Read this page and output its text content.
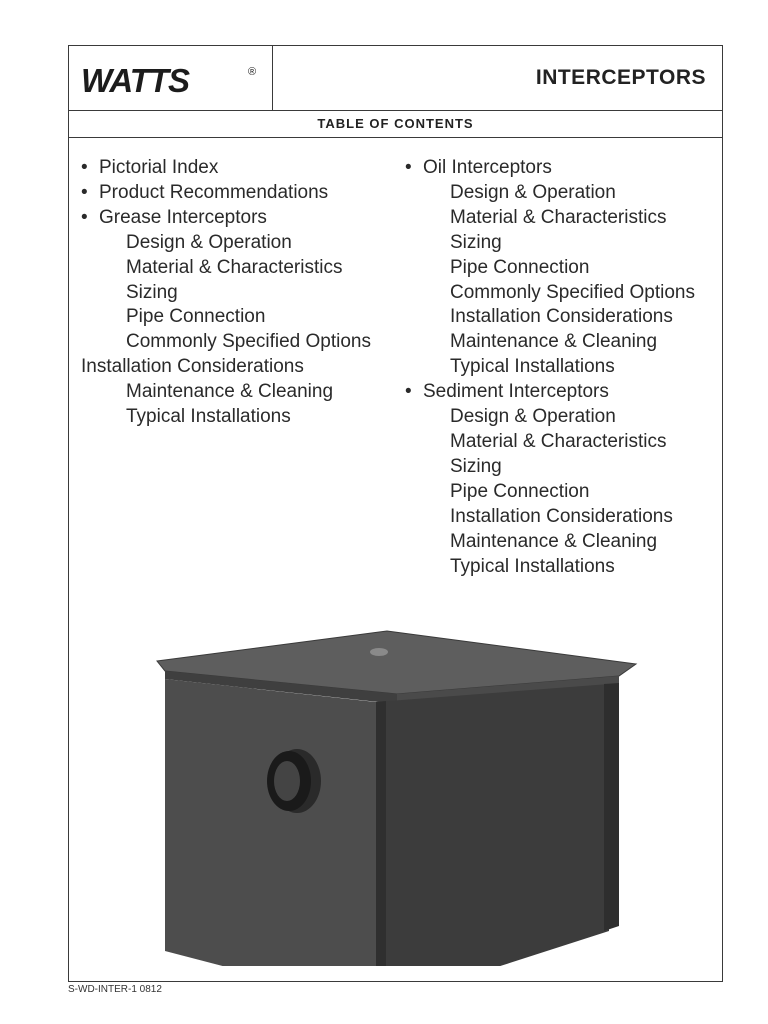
WATTS	®	INTERCEPTORS
TABLE OF CONTENTS
• Pictorial Index
• Product Recommendations
• Grease Interceptors
Design & Operation
Material & Characteristics
Sizing
Pipe Connection
Commonly Specified Options
Installation Considerations
Maintenance & Cleaning
Typical Installations
• Oil Interceptors
Design & Operation
Material & Characteristics
Sizing
Pipe Connection
Commonly Specified Options
Installation Considerations
Maintenance & Cleaning
Typical Installations
• Sediment Interceptors
Design & Operation
Material & Characteristics
Sizing
Pipe Connection
Installation Considerations
Maintenance & Cleaning
Typical Installations
S-WD-INTER-1 0812
